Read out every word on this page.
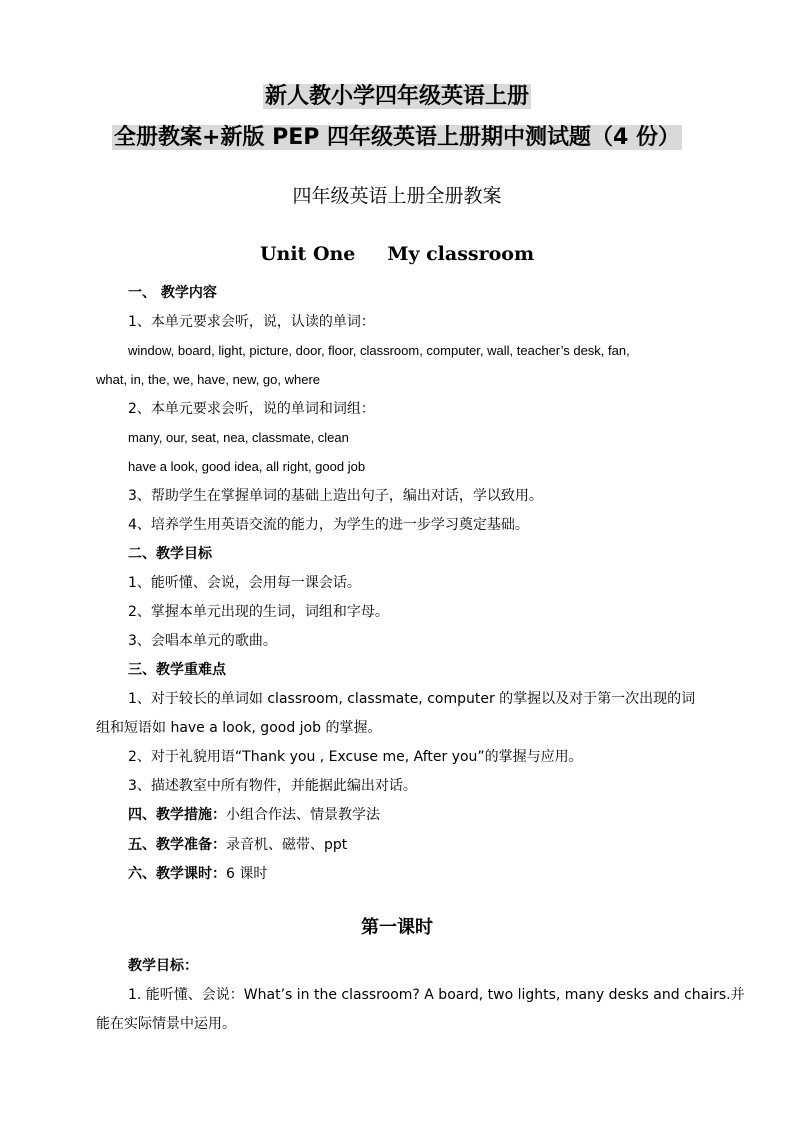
新人教小学四年级英语上册
全册教案+新版 PEP 四年级英语上册期中测试题（4 份）
四年级英语上册全册教案
Unit One My classroom
一、 教学内容
1、本单元要求会听，说，认读的单词：
window, board, light, picture, door, floor, classroom, computer, wall, teacher’s desk, fan,
what, in, the, we, have, new, go, where
2、本单元要求会听，说的单词和词组：
many, our, seat, nea, classmate, clean
have a look, good idea, all right, good job
3、帮助学生在掌握单词的基础上造出句子，编出对话，学以致用。
4、培养学生用英语交流的能力，为学生的进一步学习奠定基础。
二、教学目标
1、能听懂、会说，会用每一课会话。
2、掌握本单元出现的生词，词组和字母。
3、会唱本单元的歌曲。
三、教学重难点
1、对于较长的单词如 classroom, classmate, computer 的掌握以及对于第一次出现的词
组和短语如 have a look, good job 的掌握。
2、对于礼貌用语“Thank you , Excuse me, After you”的掌握与应用。
3、描述教室中所有物件，并能据此编出对话。
四、教学措施：小组合作法、情景教学法
五、教学准备：录音机、磁带、ppt
六、教学课时：6 课时
第一课时
教学目标：
1. 能听懂、会说：What’s in the classroom? A board, two lights, many desks and chairs.并
能在实际情景中运用。
